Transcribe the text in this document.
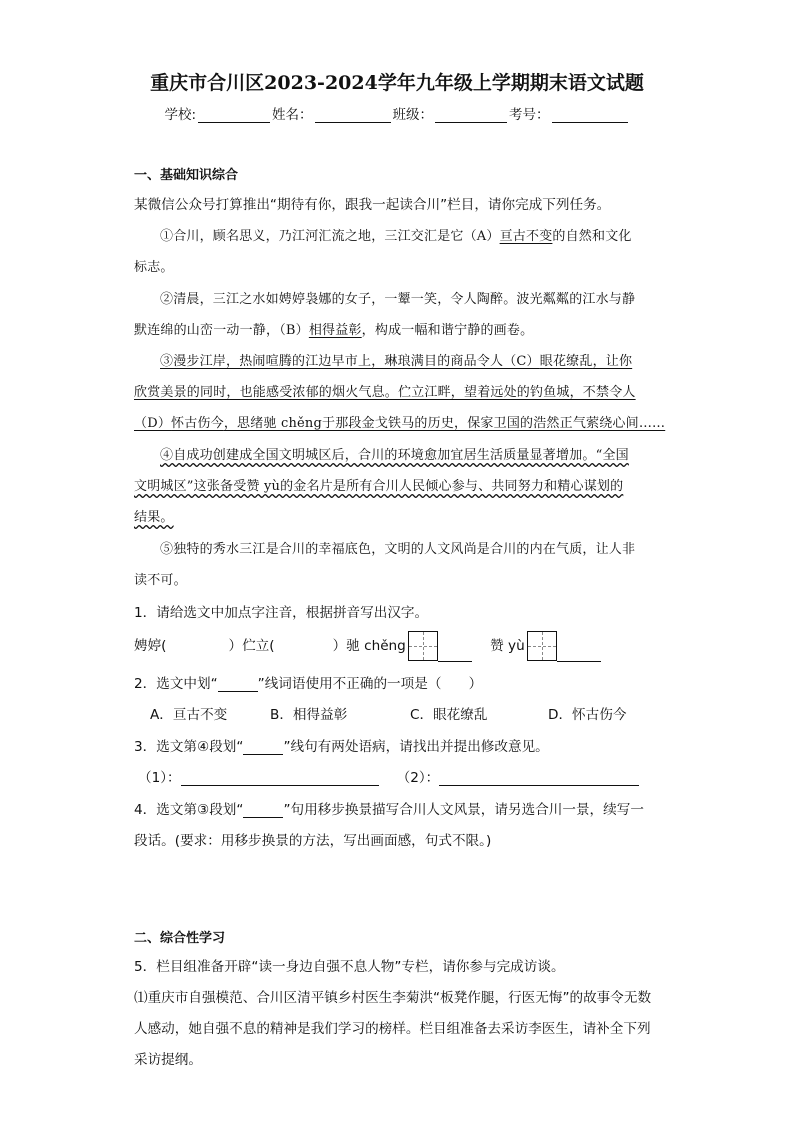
重庆市合川区2023-2024学年九年级上学期期末语文试题
学校:	姓名：	班级：	考号：
一、基础知识综合
某微信公众号打算推出“期待有你，跟我一起读合川”栏目，请你完成下列任务。
①合川，顾名思义，乃江河汇流之地，三江交汇是它（A）亘古不变的自然和文化
标志。
②清晨，三江之水如娉婷袅娜的女子，一颦一笑，令人陶醉。波光粼粼的江水与静
默连绵的山峦一动一静，（B）相得益彰，构成一幅和谐宁静的画卷。
③漫步江岸，热闹喧腾的江边早市上，琳琅满目的商品令人（C）眼花缭乱，让你
欣赏美景的同时，也能感受浓郁的烟火气息。伫立江畔，望着远处的钓鱼城，不禁令人
（D）怀古伤今，思绪驰 chěng于那段金戈铁马的历史，保家卫国的浩然正气萦绕心间……
④自成功创建成全国文明城区后，合川的环境愈加宜居生活质量显著增加。“全国
文明城区”这张备受赞 yù的金名片是所有合川人民倾心参与、共同努力和精心谋划的
结果。
⑤独特的秀水三江是合川的幸福底色，文明的人文风尚是合川的内在气质，让人非
读不可。
1．请给选文中加点字注音，根据拼音写出汉字。
娉婷(	）伫立(	）驰 chěng	赞 yù
2．选文中划“	”线词语使用不正确的一项是（　　）
A．亘古不变	B．相得益彰	C．眼花缭乱	D．怀古伤今
3．选文第④段划“	”线句有两处语病，请找出并提出修改意见。
（1）：	（2）：
4．选文第③段划“	”句用移步换景描写合川人文风景，请另选合川一景，续写一
段话。(要求：用移步换景的方法，写出画面感，句式不限。)
二、综合性学习
5．栏目组准备开辟“读一身边自强不息人物”专栏，请你参与完成访谈。
⑴重庆市自强模范、合川区清平镇乡村医生李菊洪“板凳作腿，行医无悔”的故事令无数
人感动，她自强不息的精神是我们学习的榜样。栏目组准备去采访李医生，请补全下列
采访提纲。
